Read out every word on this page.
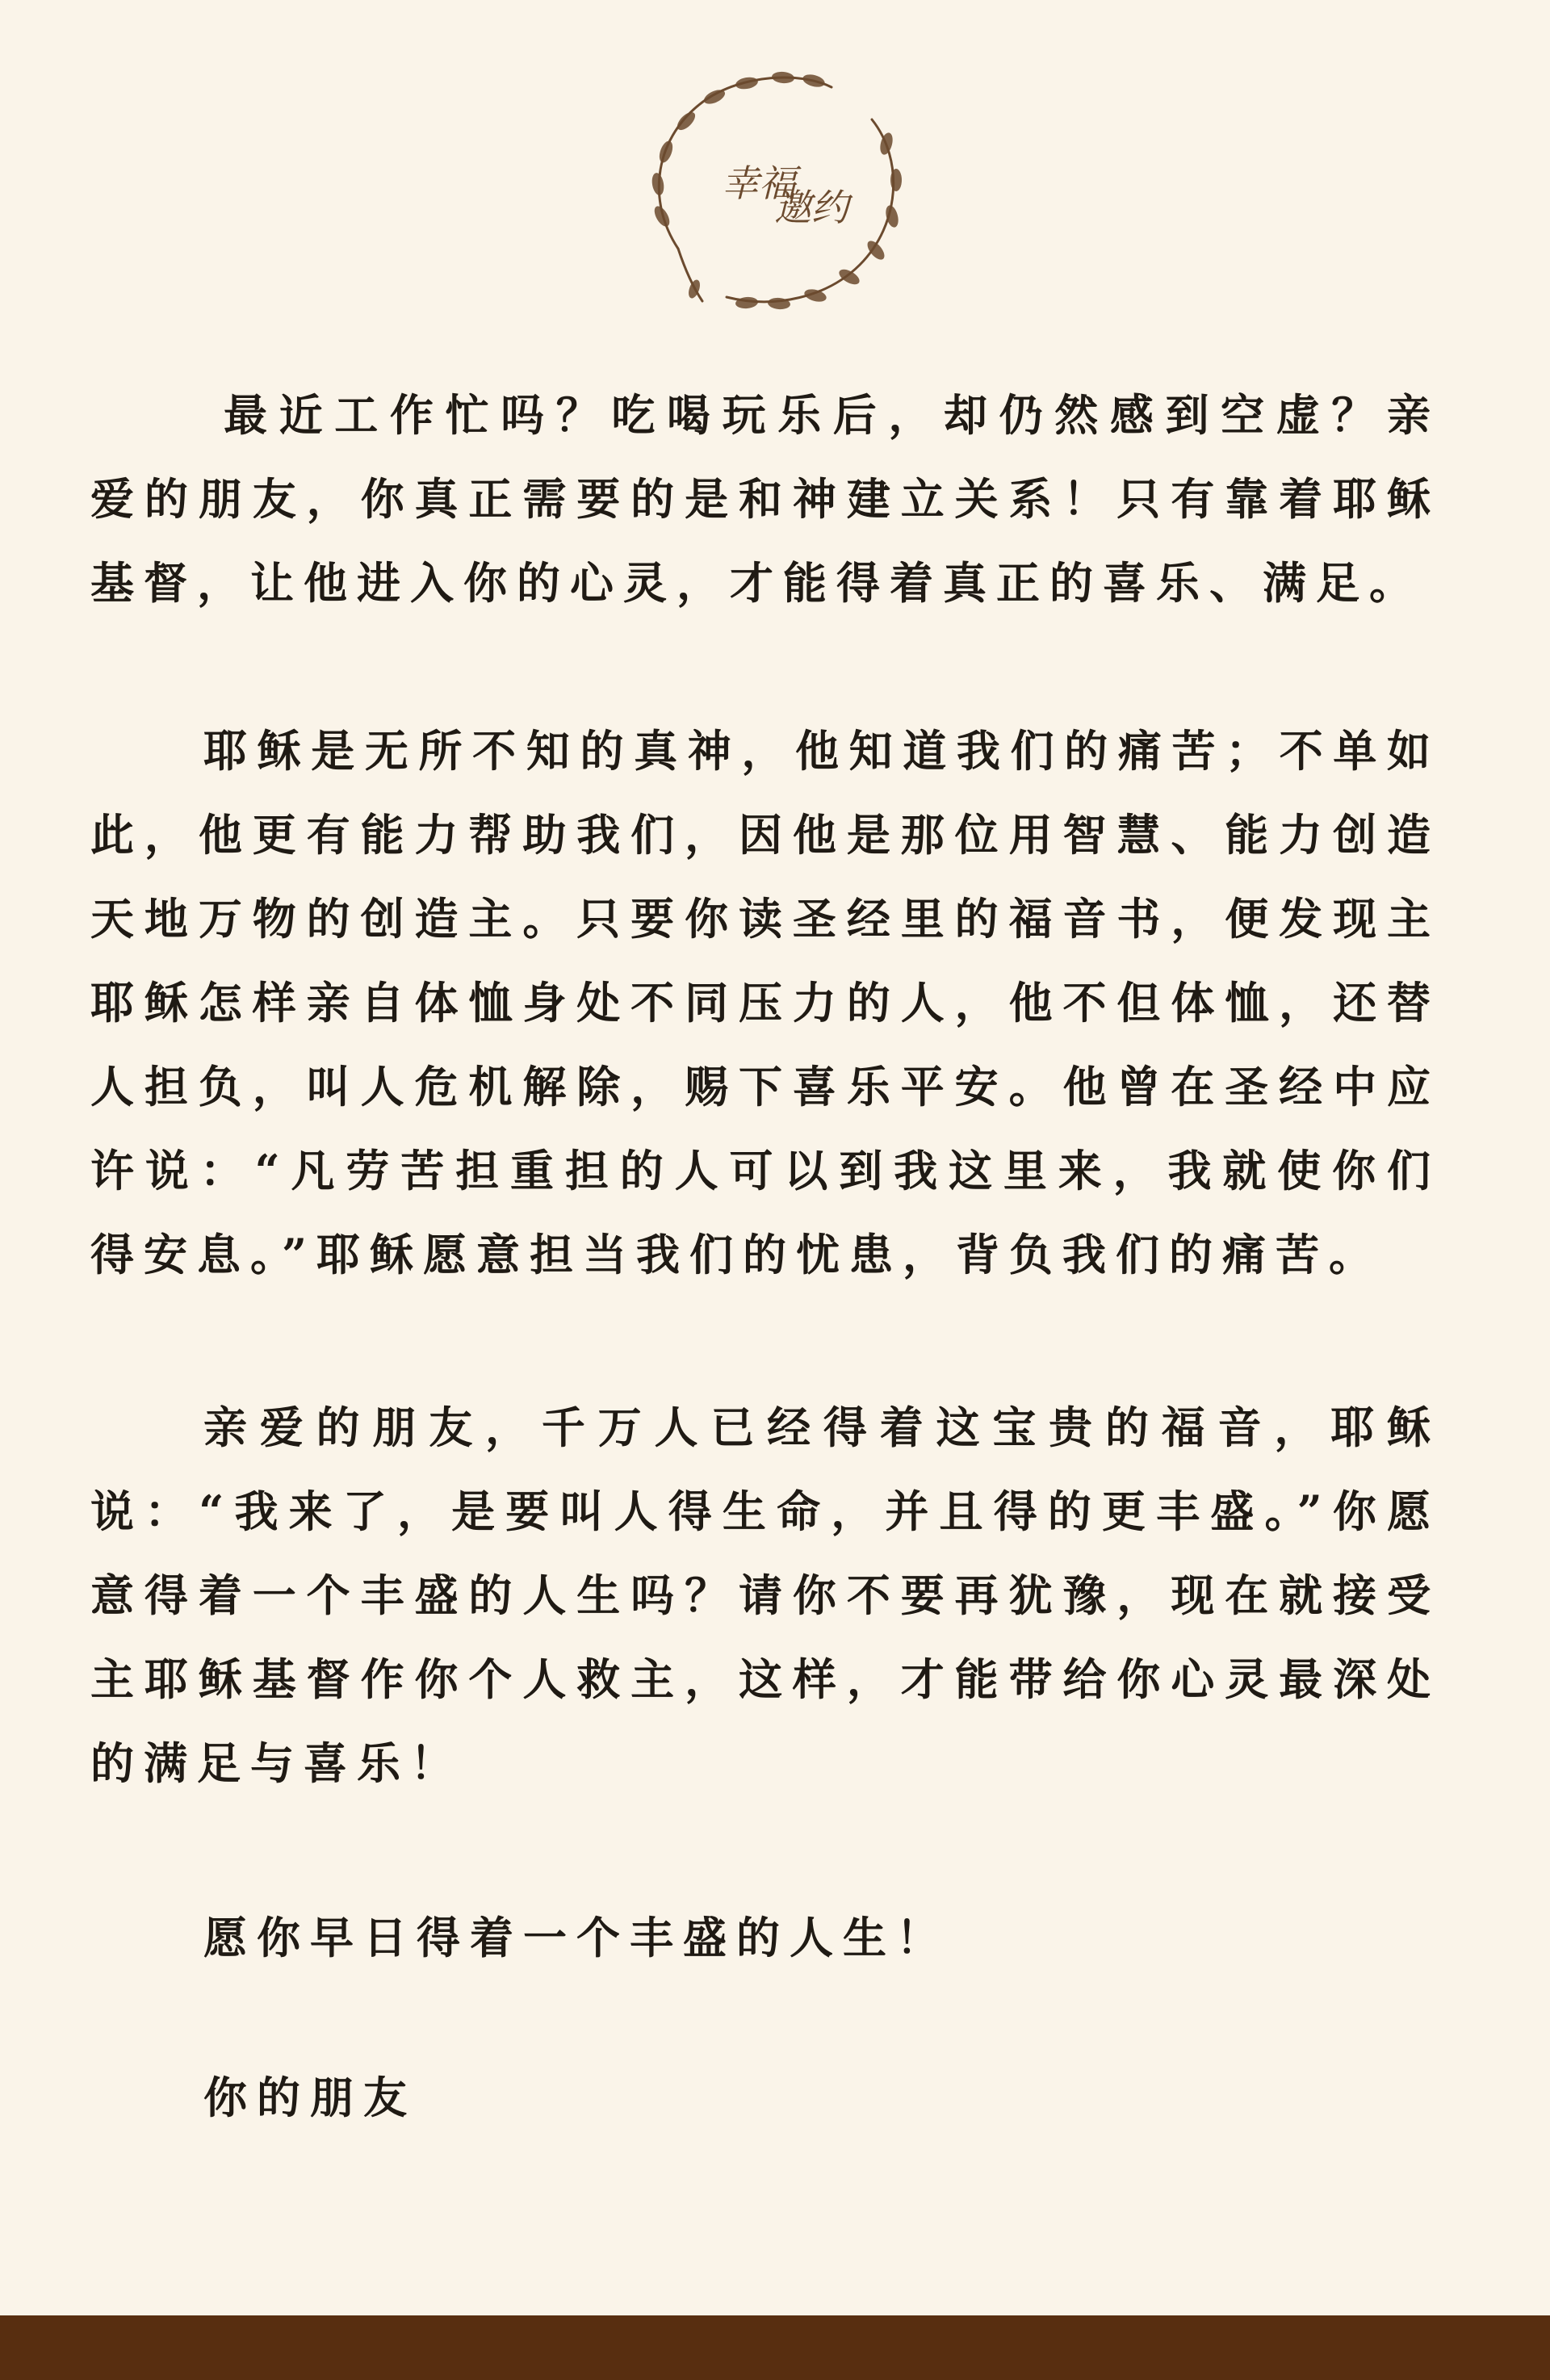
幸福
邀约

最近工作忙吗？吃喝玩乐后，却仍然感到空虚？亲爱的朋友，你真正需要的是和神建立关系！只有靠着耶稣基督，让他进入你的心灵，才能得着真正的喜乐、满足。

耶稣是无所不知的真神，他知道我们的痛苦；不单如此，他更有能力帮助我们，因他是那位用智慧、能力创造天地万物的创造主。只要你读圣经里的福音书，便发现主耶稣怎样亲自体恤身处不同压力的人，他不但体恤，还替人担负，叫人危机解除，赐下喜乐平安。他曾在圣经中应许说：“凡劳苦担重担的人可以到我这里来，我就使你们得安息。”耶稣愿意担当我们的忧患，背负我们的痛苦。

亲爱的朋友，千万人已经得着这宝贵的福音，耶稣说：“我来了，是要叫人得生命，并且得的更丰盛。”你愿意得着一个丰盛的人生吗？请你不要再犹豫，现在就接受主耶稣基督作你个人救主，这样，才能带给你心灵最深处的满足与喜乐！

愿你早日得着一个丰盛的人生！

你的朋友
